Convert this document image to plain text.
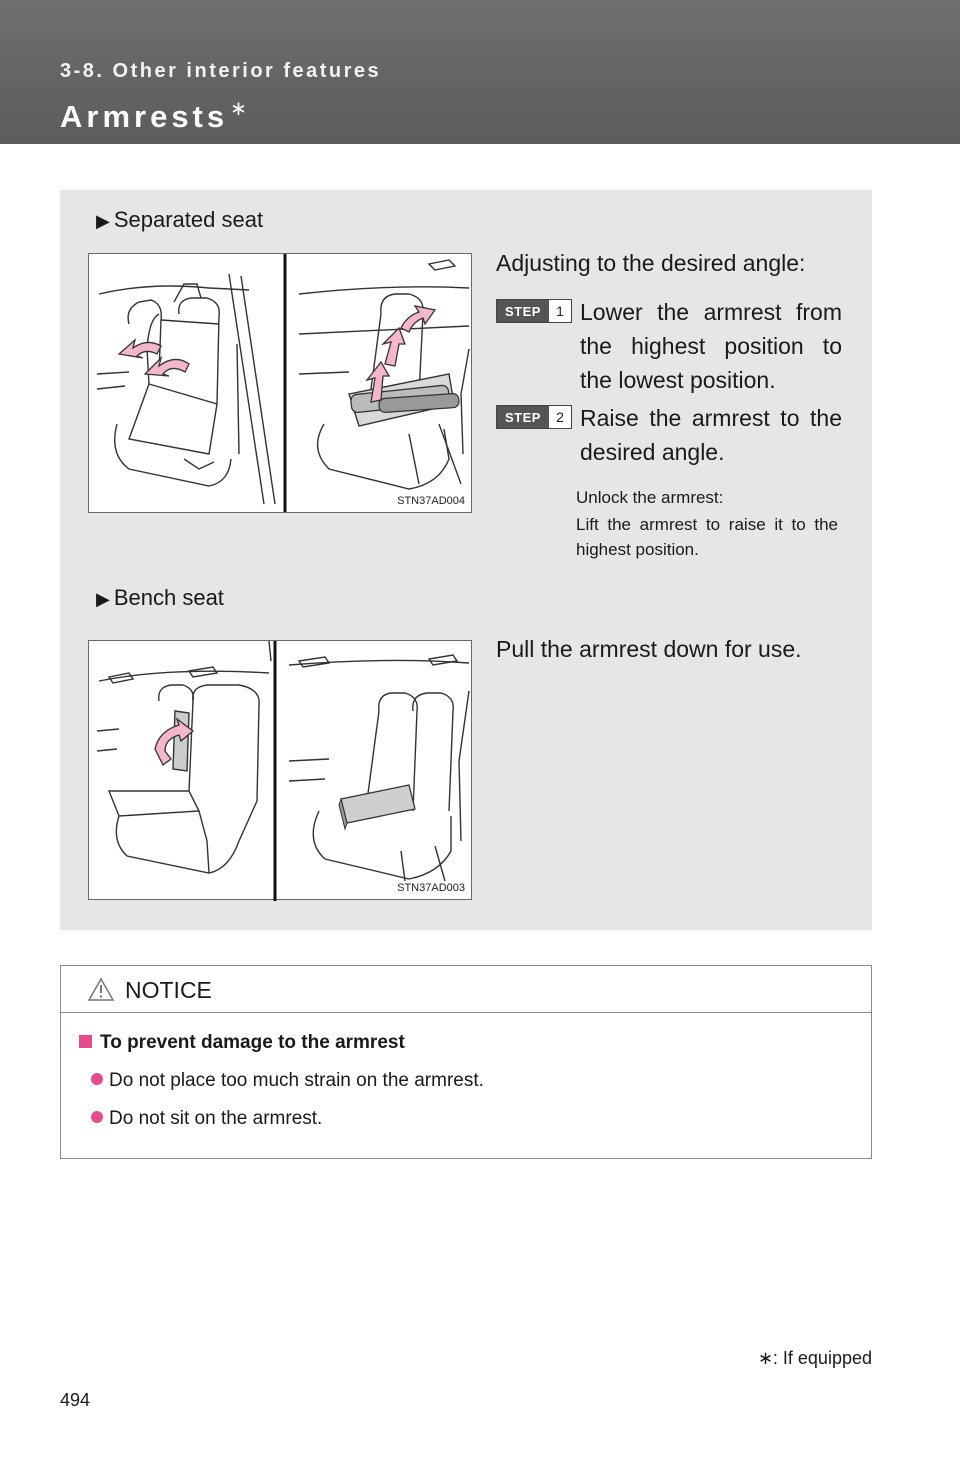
3-8. Other interior features
Armrests ∗
▶ Separated seat
STN37AD004
Adjusting to the desired angle:
STEP	1 Lower the armrest from the highest position to the lowest position.
STEP	2 Raise the armrest to the desired angle.
Unlock the armrest:
Lift the armrest to raise it to the highest position.
▶ Bench seat
STN37AD003
Pull the armrest down for use.
NOTICE
To prevent damage to the armrest
Do not place too much strain on the armrest.
Do not sit on the armrest.
∗: If equipped
494
